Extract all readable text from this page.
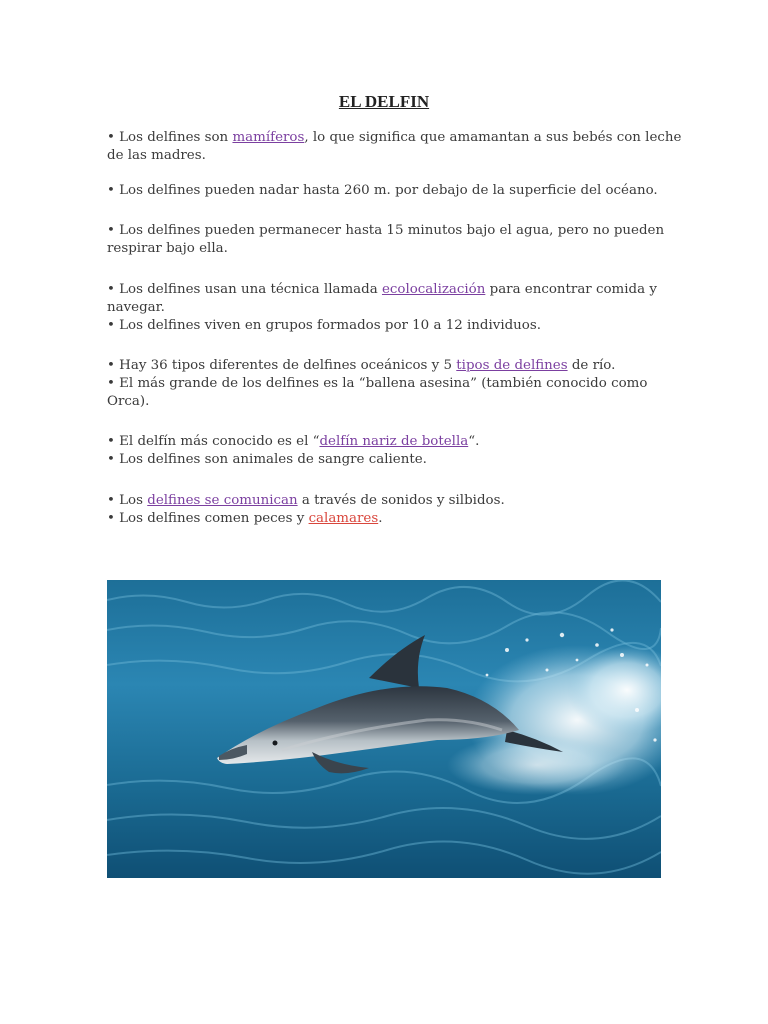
EL DELFIN

• Los delfines son mamíferos, lo que significa que amamantan a sus bebés con leche
de las madres.

• Los delfines pueden nadar hasta 260 m. por debajo de la superficie del océano.

• Los delfines pueden permanecer hasta 15 minutos bajo el agua, pero no pueden
respirar bajo ella.

• Los delfines usan una técnica llamada ecolocalización para encontrar comida y
navegar.
• Los delfines viven en grupos formados por 10 a 12 individuos.

• Hay 36 tipos diferentes de delfines oceánicos y 5 tipos de delfines de río.
• El más grande de los delfines es la “ballena asesina” (también conocido como
Orca).

• El delfín más conocido es el “delfín nariz de botella“.
• Los delfines son animales de sangre caliente.

• Los delfines se comunican a través de sonidos y silbidos.
• Los delfines comen peces y calamares.
